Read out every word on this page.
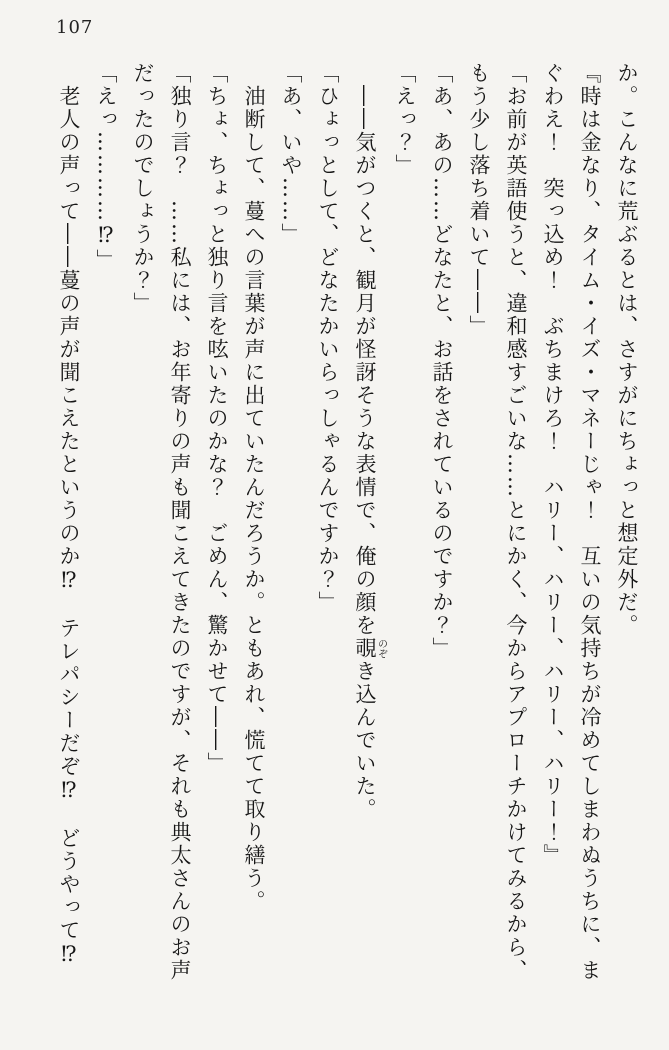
107

か。こんなに荒ぶるとは、さすがにちょっと想定外だ。

『時は金なり、タイム・イズ・マネーじゃ！　互いの気持ちが冷めてしまわぬうちに、ま

ぐわえ！　突っ込め！　ぶちまけろ！　ハリー、ハリー、ハリー、ハリー！』

「お前が英語使うと、違和感すごいな……とにかく、今からアプローチかけてみるから、

もう少し落ち着いて――」

「あ、あの……どなたと、お話をされているのですか？」

「えっ？」

　――気がつくと、観月が怪訝そうな表情で、俺の顔を覗のぞき込んでいた。

「ひょっとして、どなたかいらっしゃるんですか？」

「あ、いや……」

　油断して、蔓への言葉が声に出ていたんだろうか。ともあれ、慌てて取り繕う。

「ちょ、ちょっと独り言を呟いたのかな？　ごめん、驚かせて――」

「独り言？　……私には、お年寄りの声も聞こえてきたのですが、それも典太さんのお声

だったのでしょうか？」

「えっ…………⁉」

　老人の声って――蔓の声が聞こえたというのか⁉　テレパシーだぞ⁉　どうやって⁉
